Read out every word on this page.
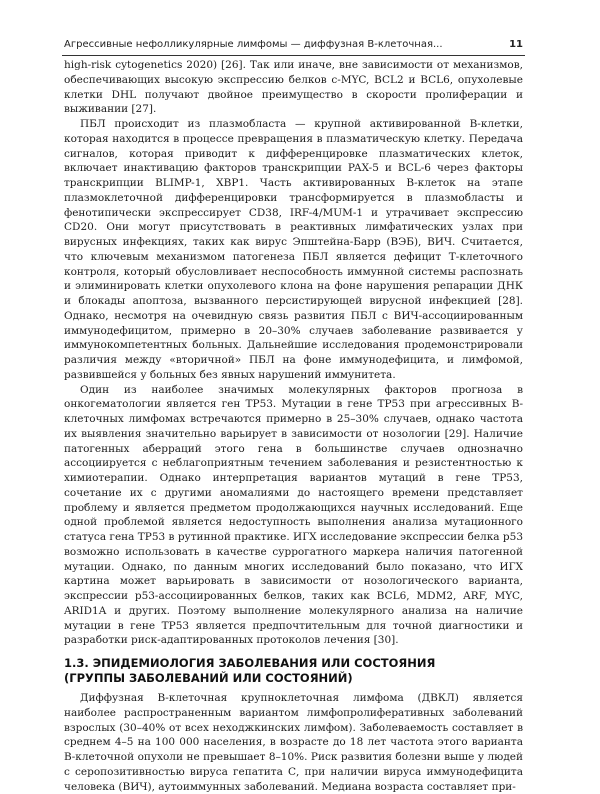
Агрессивные нефолликулярные лимфомы — диффузная В-клеточная...	11

high-risk cytogenetics 2020) [26]. Так или иначе, вне зависимости от механизмов, обеспечивающих высокую экспрессию белков с-MYC, BCL2 и BCL6, опухолевые клетки DHL получают двойное преимущество в скорости пролиферации и выживании [27].

ПБЛ происходит из плазмобласта — крупной активированной В-клетки, которая находится в процессе превращения в плазматическую клетку. Передача сигналов, которая приводит к дифференцировке плазматических клеток, включает инактивацию факторов транскрипции PAX-5 и BCL-6 через факторы транскрипции BLIMP-1, XBP1. Часть активированных В-клеток на этапе плазмоклеточной дифференцировки трансформируется в плазмобласты и фенотипически экспрессирует CD38, IRF-4/MUM-1 и утрачивает экспрессию CD20. Они могут присутствовать в реактивных лимфатических узлах при вирусных инфекциях, таких как вирус Эпштейна-Барр (ВЭБ), ВИЧ. Считается, что ключевым механизмом патогенеза ПБЛ является дефицит Т-клеточного контроля, который обусловливает неспособность иммунной системы распознать и элиминировать клетки опухолевого клона на фоне нарушения репарации ДНК и блокады апоптоза, вызванного персистирующей вирусной инфекцией [28]. Однако, несмотря на очевидную связь развития ПБЛ с ВИЧ-ассоциированным иммунодефицитом, примерно в 20–30% случаев заболевание развивается у иммунокомпетентных больных. Дальнейшие исследования продемонстрировали различия между «вторичной» ПБЛ на фоне иммунодефицита, и лимфомой, развившейся у больных без явных нарушений иммунитета.

Один из наиболее значимых молекулярных факторов прогноза в онкогематологии является ген TP53. Мутации в гене TP53 при агрессивных В-клеточных лимфомах встречаются примерно в 25–30% случаев, однако частота их выявления значительно варьирует в зависимости от нозологии [29]. Наличие патогенных аберраций этого гена в большинстве случаев однозначно ассоциируется с неблагоприятным течением заболевания и резистентностью к химиотерапии. Однако интерпретация вариантов мутаций в гене TP53, сочетание их с другими аномалиями до настоящего времени представляет проблему и является предметом продолжающихся научных исследований. Еще одной проблемой является недоступность выполнения анализа мутационного статуса гена TP53 в рутинной практике. ИГХ исследование экспрессии белка p53 возможно использовать в качестве суррогатного маркера наличия патогенной мутации. Однако, по данным многих исследований было показано, что ИГХ картина может варьировать в зависимости от нозологического варианта, экспрессии p53-ассоциированных белков, таких как BCL6, MDM2, ARF, MYC, ARID1A и других. Поэтому выполнение молекулярного анализа на наличие мутации в гене TP53 является предпочтительным для точной диагностики и разработки риск-адаптированных протоколов лечения [30].

1.3. ЭПИДЕМИОЛОГИЯ ЗАБОЛЕВАНИЯ ИЛИ СОСТОЯНИЯ
(ГРУППЫ ЗАБОЛЕВАНИЙ ИЛИ СОСТОЯНИЙ)

Диффузная В-клеточная крупноклеточная лимфома (ДВКЛ) является наиболее распространенным вариантом лимфопролиферативных заболеваний взрослых (30–40% от всех неходжкинских лимфом). Заболеваемость составляет в среднем 4–5 на 100 000 населения, в возрасте до 18 лет частота этого варианта В-клеточной опухоли не превышает 8–10%. Риск развития болезни выше у людей с серопозитивностью вируса гепатита С, при наличии вируса иммунодефицита человека (ВИЧ), аутоиммунных заболеваний. Медиана возраста составляет при-
